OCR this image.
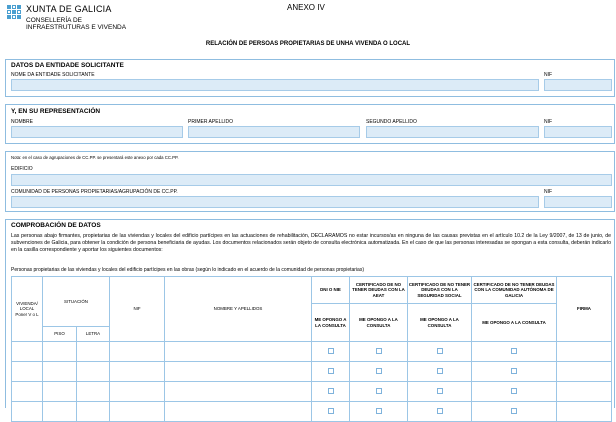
XUNTA DE GALICIA
CONSELLERÍA DE
INFRAESTRUTURAS E VIVENDA
ANEXO IV
RELACIÓN DE PERSOAS PROPIETARIAS DE UNHA VIVENDA O LOCAL
DATOS DA ENTIDADE SOLICITANTE
NOME DA ENTIDADE SOLICITANTE	NIF
Y, EN SU REPRESENTACIÓN
NOMBRE	PRIMER APELLIDO	SEGUNDO APELLIDO	NIF
Nota: en el caso de agrupaciones de CC.PP. se presentará este anexo por cada CC.PP.
EDIFICIO
COMUNIDAD DE PERSONAS PROPIETARIAS/AGRUPACIÓN DE CC.PP.	NIF
COMPROBACIÓN DE DATOS
Las personas abajo firmantes, propietarias de las viviendas y locales del edificio partícipes en las actuaciones de rehabilitación, DECLARAMOS no estar incursos/as en ninguna de las causas previstas en el artículo 10.2 de la Ley 9/2007, de 13 de junio, de subvenciones de Galicia, para obtener la condición de persona beneficiaria de ayudas. Los documentos relacionados serán objeto de consulta electrónica automatizada. En el caso de que las personas interesadas se opongan a esta consulta, deberán indicarlo en la casilla correspondiente y aportar los siguientes documentos:
Personas propietarias de las viviendas y locales del edificio partícipes en las obras (según lo indicado en el acuerdo de la comunidad de personas propietarias)
VIVIENDA/ LOCAL
Poner V o L	SITUACIÓN		NIF	NOMBRE Y APELLIDOS	DNI O NIE	CERTIFICADO DE NO TENER DEUDAS CON LA AEAT	CERTIFICADO DE NO TENER DEUDAS CON LA SEGURIDAD SOCIAL	CERTIFICADO DE NO TENER DEUDAS CON LA COMUNIDAD AUTÓNOMA DE GALICIA	FIRMA
					ME OPONGO A LA CONSULTA	ME OPONGO A LA CONSULTA	ME OPONGO A LA CONSULTA	ME OPONGO A LA CONSULTA	
	PISO	LETRA							
